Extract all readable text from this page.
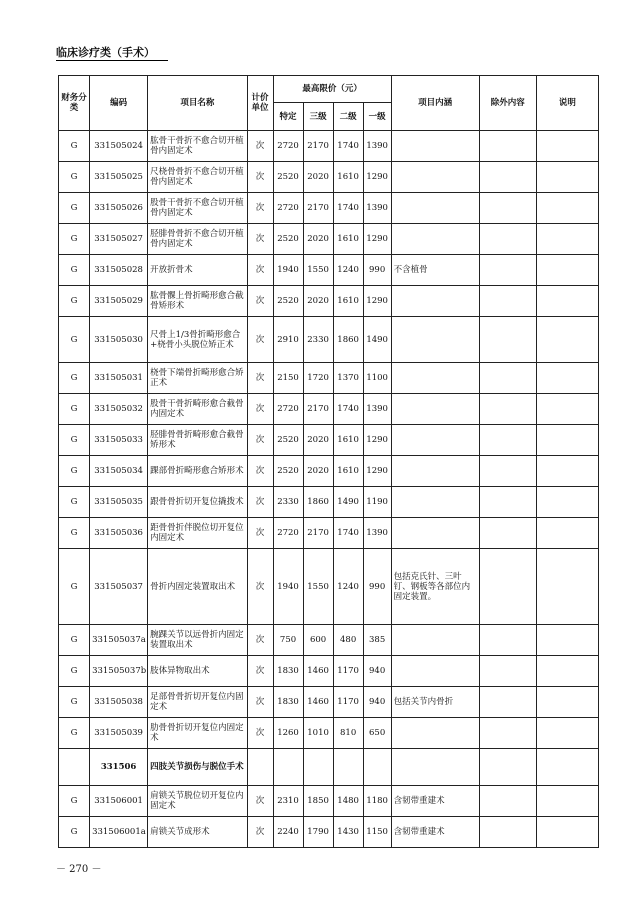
临床诊疗类（手术）
财务分类	编码	项目名称	计价单位	最高限价（元）				项目内涵	除外内容	说明
				特定	三级	二级	一级			
G	331505024	肱骨干骨折不愈合切开植骨内固定术	次	2720	2170	1740	1390			
G	331505025	尺桡骨骨折不愈合切开植骨内固定术	次	2520	2020	1610	1290			
G	331505026	股骨干骨折不愈合切开植骨内固定术	次	2720	2170	1740	1390			
G	331505027	胫腓骨骨折不愈合切开植骨内固定术	次	2520	2020	1610	1290			
G	331505028	开放折骨术	次	1940	1550	1240	990	不含植骨		
G	331505029	肱骨髁上骨折畸形愈合截骨矫形术	次	2520	2020	1610	1290			
G	331505030	尺骨上1/3骨折畸形愈合+桡骨小头脱位矫正术	次	2910	2330	1860	1490			
G	331505031	桡骨下端骨折畸形愈合矫正术	次	2150	1720	1370	1100			
G	331505032	股骨干骨折畸形愈合截骨内固定术	次	2720	2170	1740	1390			
G	331505033	胫腓骨骨折畸形愈合截骨矫形术	次	2520	2020	1610	1290			
G	331505034	踝部骨折畸形愈合矫形术	次	2520	2020	1610	1290			
G	331505035	跟骨骨折切开复位撬拨术	次	2330	1860	1490	1190			
G	331505036	距骨骨折伴脱位切开复位内固定术	次	2720	2170	1740	1390			
G	331505037	骨折内固定装置取出术	次	1940	1550	1240	990	包括克氏针、三叶钉、钢板等各部位内固定装置。		
G	331505037a	腕踝关节以远骨折内固定装置取出术	次	750	600	480	385			
G	331505037b	肢体异物取出术	次	1830	1460	1170	940			
G	331505038	足部骨骨折切开复位内固定术	次	1830	1460	1170	940	包括关节内骨折		
G	331505039	肋骨骨折切开复位内固定术	次	1260	1010	810	650			
	331506	四肢关节损伤与脱位手术								
G	331506001	肩锁关节脱位切开复位内固定术	次	2310	1850	1480	1180	含韧带重建术		
G	331506001a	肩锁关节成形术	次	2240	1790	1430	1150	含韧带重建术		
－ 270 －
